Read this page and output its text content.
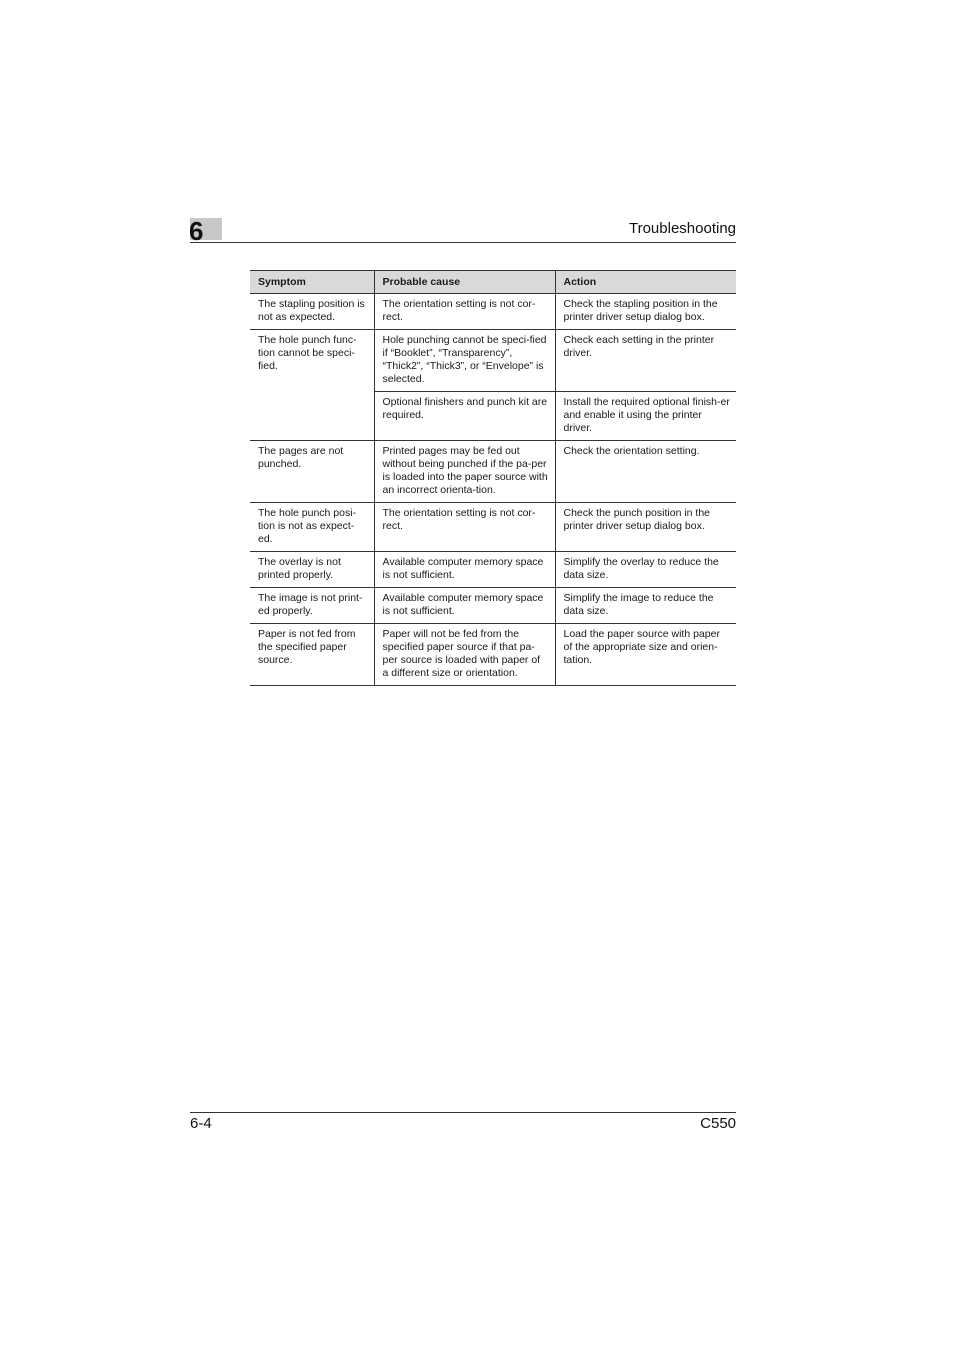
6	Troubleshooting
Symptom	Probable cause	Action
The stapling position is not as expected.	The orientation setting is not cor-rect.	Check the stapling position in the printer driver setup dialog box.
The hole punch func-tion cannot be speci-fied.	Hole punching cannot be speci-fied if “Booklet”, “Transparency”, “Thick2”, “Thick3”, or “Envelope” is selected.	Check each setting in the printer driver.
	Optional finishers and punch kit are required.	Install the required optional finish-er and enable it using the printer driver.
The pages are not punched.	Printed pages may be fed out without being punched if the pa-per is loaded into the paper source with an incorrect orienta-tion.	Check the orientation setting.
The hole punch posi-tion is not as expect-ed.	The orientation setting is not cor-rect.	Check the punch position in the printer driver setup dialog box.
The overlay is not printed properly.	Available computer memory space is not sufficient.	Simplify the overlay to reduce the data size.
The image is not print-ed properly.	Available computer memory space is not sufficient.	Simplify the image to reduce the data size.
Paper is not fed from the specified paper source.	Paper will not be fed from the specified paper source if that pa-per source is loaded with paper of a different size or orientation.	Load the paper source with paper of the appropriate size and orien-tation.
6-4	C550
